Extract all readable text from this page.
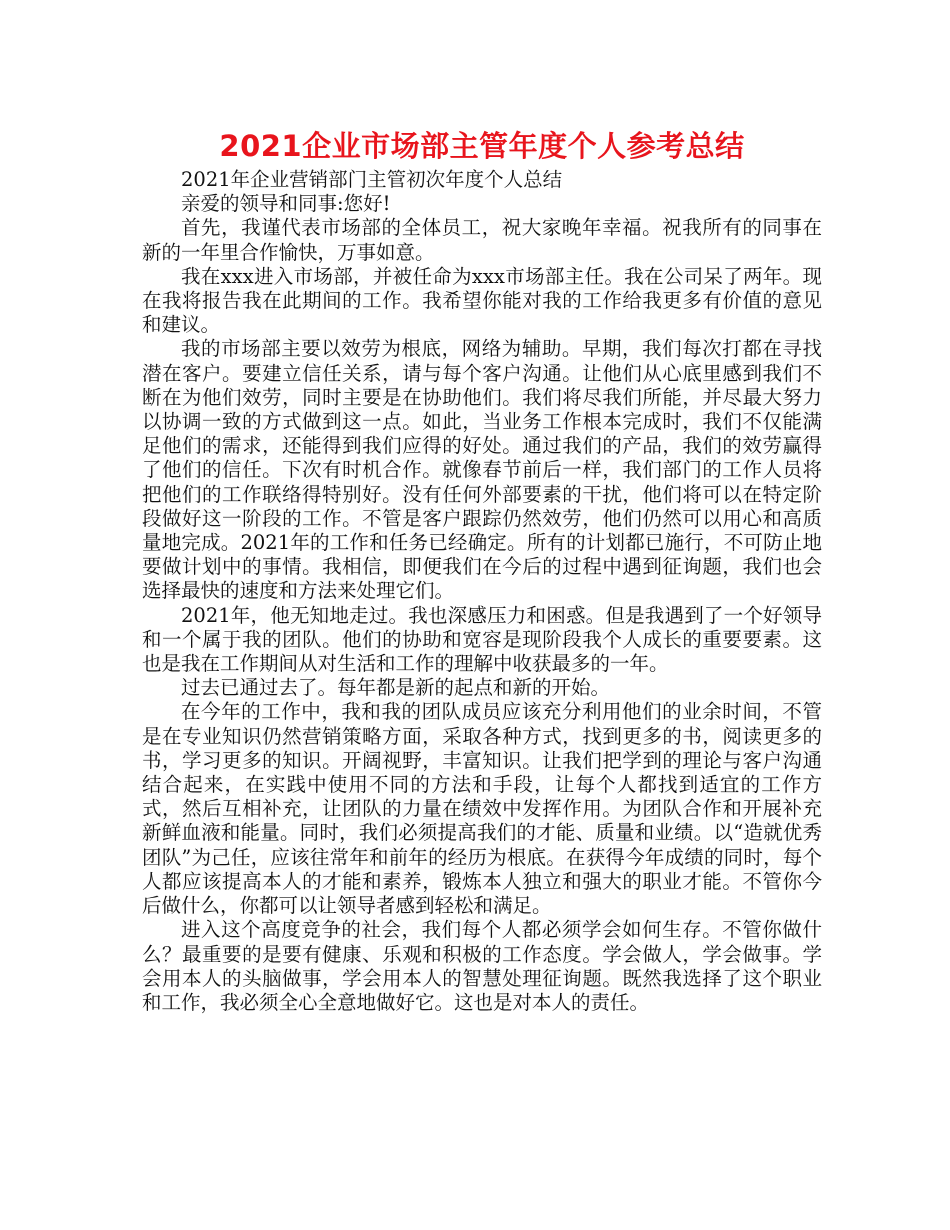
2021企业市场部主管年度个人参考总结

2021年企业营销部门主管初次年度个人总结

亲爱的领导和同事:您好!

首先，我谨代表市场部的全体员工，祝大家晚年幸福。祝我所有的同事在新的一年里合作愉快，万事如意。

我在xxx进入市场部，并被任命为xxx市场部主任。我在公司呆了两年。现在我将报告我在此期间的工作。我希望你能对我的工作给我更多有价值的意见和建议。

我的市场部主要以效劳为根底，网络为辅助。早期，我们每次打都在寻找潜在客户。要建立信任关系，请与每个客户沟通。让他们从心底里感到我们不断在为他们效劳，同时主要是在协助他们。我们将尽我们所能，并尽最大努力以协调一致的方式做到这一点。如此，当业务工作根本完成时，我们不仅能满足他们的需求，还能得到我们应得的好处。通过我们的产品，我们的效劳赢得了他们的信任。下次有时机合作。就像春节前后一样，我们部门的工作人员将把他们的工作联络得特别好。没有任何外部要素的干扰，他们将可以在特定阶段做好这一阶段的工作。不管是客户跟踪仍然效劳，他们仍然可以用心和高质量地完成。2021年的工作和任务已经确定。所有的计划都已施行，不可防止地要做计划中的事情。我相信，即便我们在今后的过程中遇到征询题，我们也会选择最快的速度和方法来处理它们。

2021年，他无知地走过。我也深感压力和困惑。但是我遇到了一个好领导和一个属于我的团队。他们的协助和宽容是现阶段我个人成长的重要要素。这也是我在工作期间从对生活和工作的理解中收获最多的一年。

过去已通过去了。每年都是新的起点和新的开始。

在今年的工作中，我和我的团队成员应该充分利用他们的业余时间，不管是在专业知识仍然营销策略方面，采取各种方式，找到更多的书，阅读更多的书，学习更多的知识。开阔视野，丰富知识。让我们把学到的理论与客户沟通结合起来，在实践中使用不同的方法和手段，让每个人都找到适宜的工作方式，然后互相补充，让团队的力量在绩效中发挥作用。为团队合作和开展补充新鲜血液和能量。同时，我们必须提高我们的才能、质量和业绩。以“造就优秀团队”为己任，应该往常年和前年的经历为根底。在获得今年成绩的同时，每个人都应该提高本人的才能和素养，锻炼本人独立和强大的职业才能。不管你今后做什么，你都可以让领导者感到轻松和满足。

进入这个高度竞争的社会，我们每个人都必须学会如何生存。不管你做什么？最重要的是要有健康、乐观和积极的工作态度。学会做人，学会做事。学会用本人的头脑做事，学会用本人的智慧处理征询题。既然我选择了这个职业和工作，我必须全心全意地做好它。这也是对本人的责任。
